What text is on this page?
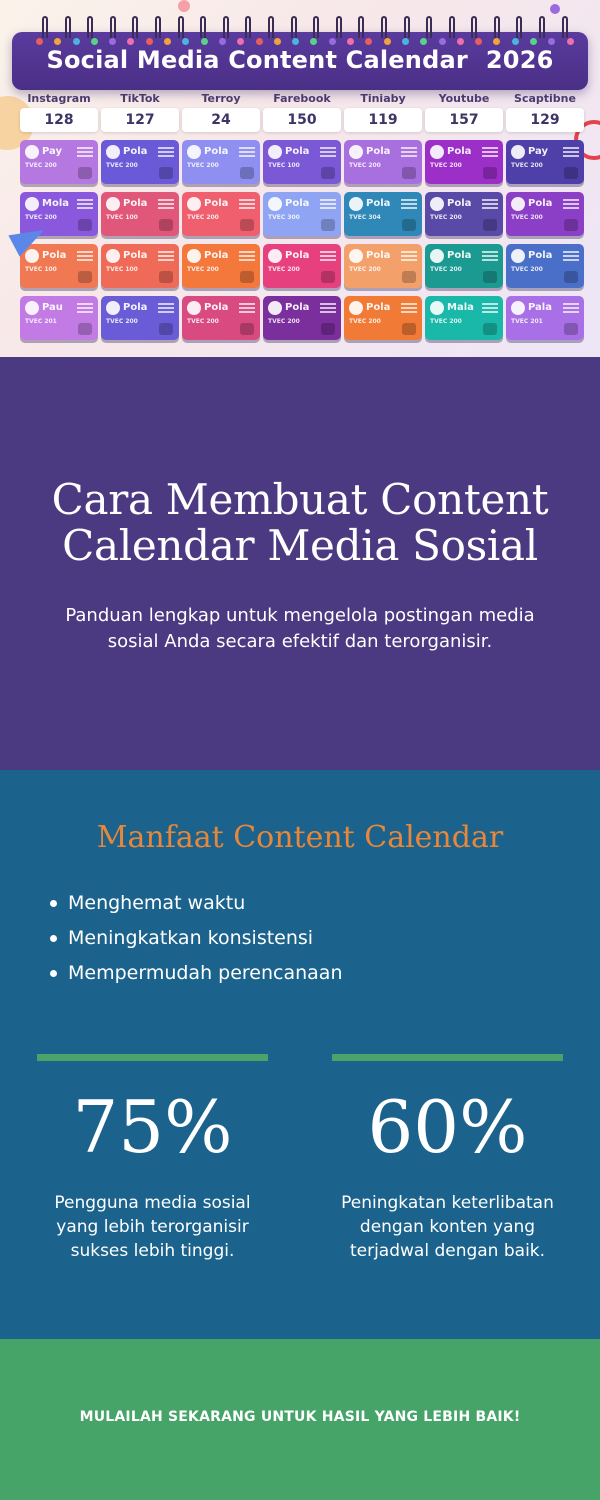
Social Media Content Calendar 2026
Instagram
128
TikTok
127
Terroy
24
Farebook
150
Tiniaby
119
Youtube
157
Scaptibne
129
Pay
TVEC 200
Pola
TVEC 200
Pola
TVEC 200
Pola
TVEC 100
Pola
TVEC 200
Pola
TVEC 200
Pay
TVEC 200
Mola
TVEC 200
Pola
TVEC 100
Pola
TVEC 200
Pola
TVEC 300
Pola
TVEC 304
Pola
TVEC 200
Pola
TVEC 200
Pola
TVEC 100
Pola
TVEC 100
Pola
TVEC 200
Pola
TVEC 200
Pola
TVEC 200
Pola
TVEC 200
Pola
TVEC 200
Pau
TVEC 201
Pola
TVEC 200
Pola
TVEC 200
Pola
TVEC 200
Pola
TVEC 200
Mala
TVEC 200
Pala
TVEC 201
Cara Membuat Content Calendar Media Sosial

Panduan lengkap untuk mengelola postingan media sosial Anda secara efektif dan terorganisir.

Manfaat Content Calendar
Menghemat waktu
Meningkatkan konsistensi
Mempermudah perencanaan
75%
Pengguna media sosial yang lebih terorganisir sukses lebih tinggi.
60%
Peningkatan keterlibatan dengan konten yang terjadwal dengan baik.
MULAILAH SEKARANG UNTUK HASIL YANG LEBIH BAIK!
